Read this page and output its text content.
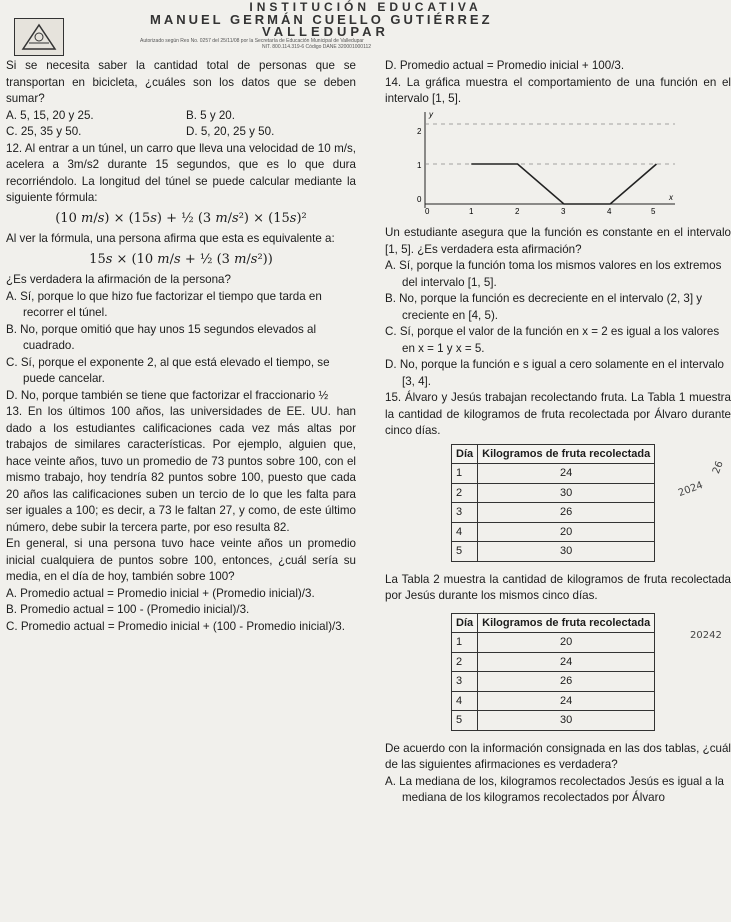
INSTITUCIÓN EDUCATIVA
MANUEL GERMÁN CUELLO GUTIÉRREZ
VALLEDUPAR
Autorizado según Res No. 0257 del 25/11/08 por la Secretaría de Educación Municipal de Valledupar
NIT. 800.114.319-6 Código DANE 320001000112

Si se necesita saber la cantidad total de personas que se transportan en bicicleta, ¿cuáles son los datos que se deben sumar?

A. 5, 15, 20 y 25.	B. 5 y 20.
C. 25, 35 y 50.	D. 5, 20, 25 y 50.

12. Al entrar a un túnel, un carro que lleva una velocidad de 10 m/s, acelera a 3m/s2 durante 15 segundos, que es lo que dura recorriéndolo. La longitud del túnel se puede calcular mediante la siguiente fórmula:

(10 m/s) × (15s) + ½ (3 m/s²) × (15s)²

Al ver la fórmula, una persona afirma que esta es equivalente a:

15s × (10 m/s + ½ (3 m/s²))

¿Es verdadera la afirmación de la persona?

A. Sí, porque lo que hizo fue factorizar el tiempo que tarda en recorrer el túnel.

B. No, porque omitió que hay unos 15 segundos elevados al cuadrado.

C. Sí, porque el exponente 2, al que está elevado el tiempo, se puede cancelar.

D. No, porque también se tiene que factorizar el fraccionario ½

13. En los últimos 100 años, las universidades de EE. UU. han dado a los estudiantes calificaciones cada vez más altas por trabajos de similares características. Por ejemplo, alguien que, hace veinte años, tuvo un promedio de 73 puntos sobre 100, con el mismo trabajo, hoy tendría 82 puntos sobre 100, puesto que cada 20 años las calificaciones suben un tercio de lo que les falta para ser iguales a 100; es decir, a 73 le faltan 27, y como, de este último número, debe subir la tercera parte, por eso resulta 82.

En general, si una persona tuvo hace veinte años un promedio inicial cualquiera de puntos sobre 100, entonces, ¿cuál sería su media, en el día de hoy, también sobre 100?

A. Promedio actual = Promedio inicial + (Promedio inicial)/3.

B. Promedio actual = 100 - (Promedio inicial)/3.

C. Promedio actual = Promedio inicial + (100 - Promedio inicial)/3.

D. Promedio actual = Promedio inicial + 100/3.

14. La gráfica muestra el comportamiento de una función en el intervalo [1, 5].

y
x
0
1
2
0	1	2	3	4	5

Un estudiante asegura que la función es constante en el intervalo [1, 5]. ¿Es verdadera esta afirmación?

A. Sí, porque la función toma los mismos valores en los extremos del intervalo [1, 5].

B. No, porque la función es decreciente en el intervalo (2, 3] y creciente en [4, 5).

C. Sí, porque el valor de la función en x = 2 es igual a los valores en x = 1 y x = 5.

D. No, porque la función e s igual a cero solamente en el intervalo [3, 4].

15. Álvaro y Jesús trabajan recolectando fruta. La Tabla 1 muestra la cantidad de kilogramos de fruta recolectada por Álvaro durante cinco días.

Día	Kilogramos de fruta recolectada
1	24
2	30
3	26
4	20
5	30

La Tabla 2 muestra la cantidad de kilogramos de fruta recolectada por Jesús durante los mismos cinco días.

Día	Kilogramos de fruta recolectada
1	20
2	24
3	26
4	24
5	30

De acuerdo con la información consignada en las dos tablas, ¿cuál de las siguientes afirmaciones es verdadera?

A. La mediana de los, kilogramos recolectados Jesús es igual a la mediana de los kilogramos recolectados por Álvaro

2024
26
20242
